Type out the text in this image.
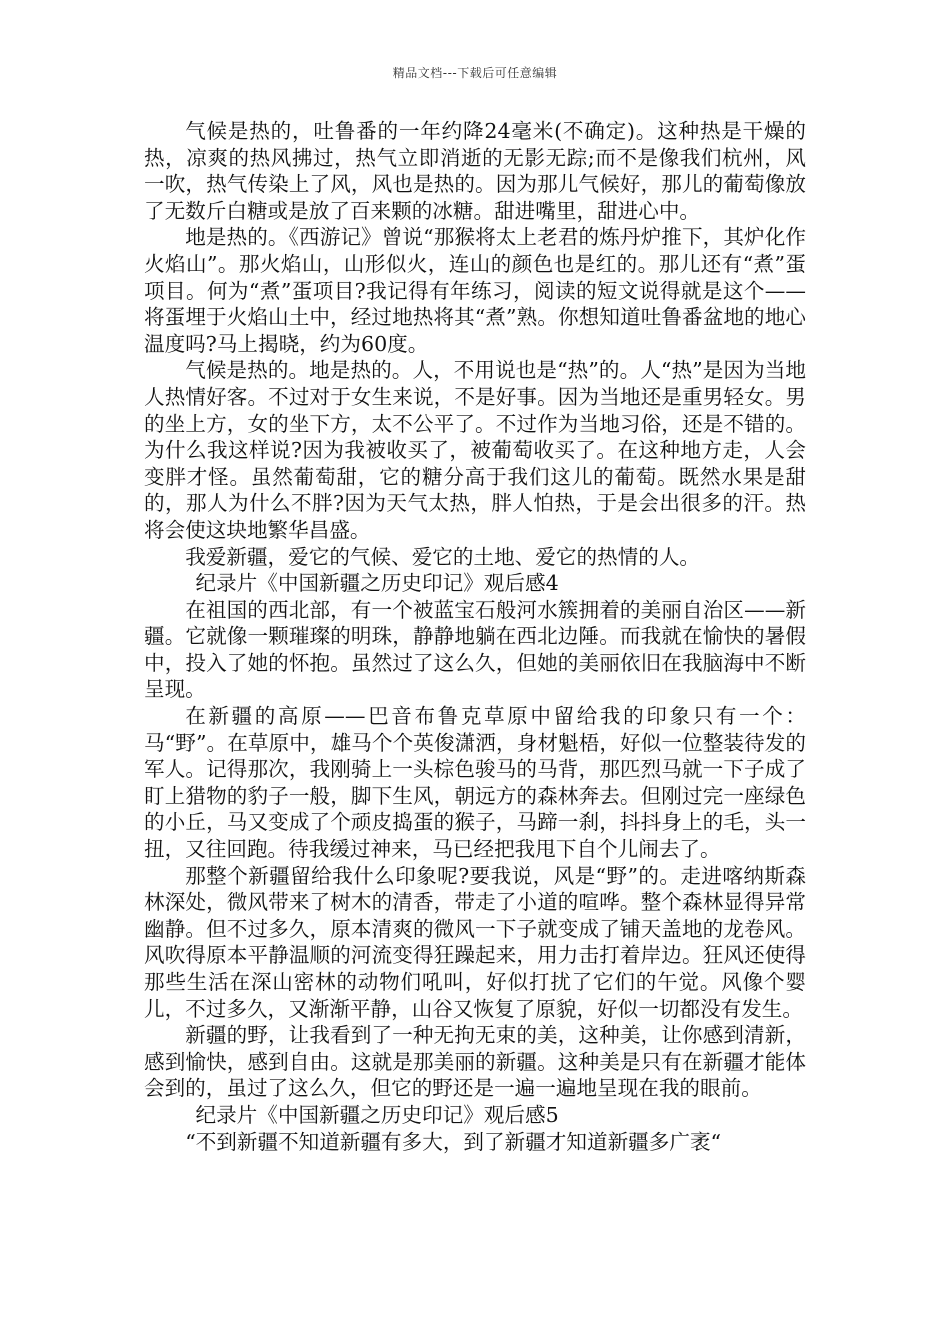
精品文档---下载后可任意编辑

气候是热的，吐鲁番的一年约降24毫米(不确定)。这种热是干燥的热，凉爽的热风拂过，热气立即消逝的无影无踪;而不是像我们杭州，风一吹，热气传染上了风，风也是热的。因为那儿气候好，那儿的葡萄像放了无数斤白糖或是放了百来颗的冰糖。甜进嘴里，甜进心中。

地是热的。《西游记》曾说“那猴将太上老君的炼丹炉推下，其炉化作火焰山”。那火焰山，山形似火，连山的颜色也是红的。那儿还有“煮”蛋项目。何为“煮”蛋项目?我记得有年练习，阅读的短文说得就是这个——将蛋埋于火焰山土中，经过地热将其“煮”熟。你想知道吐鲁番盆地的地心温度吗?马上揭晓，约为60度。

气候是热的。地是热的。人，不用说也是“热”的。人“热”是因为当地人热情好客。不过对于女生来说，不是好事。因为当地还是重男轻女。男的坐上方，女的坐下方，太不公平了。不过作为当地习俗，还是不错的。为什么我这样说?因为我被收买了，被葡萄收买了。在这种地方走，人会变胖才怪。虽然葡萄甜，它的糖分高于我们这儿的葡萄。既然水果是甜的，那人为什么不胖?因为天气太热，胖人怕热，于是会出很多的汗。热将会使这块地繁华昌盛。

我爱新疆，爱它的气候、爱它的土地、爱它的热情的人。

纪录片《中国新疆之历史印记》观后感4

在祖国的西北部，有一个被蓝宝石般河水簇拥着的美丽自治区——新疆。它就像一颗璀璨的明珠，静静地躺在西北边陲。而我就在愉快的暑假中，投入了她的怀抱。虽然过了这么久，但她的美丽依旧在我脑海中不断呈现。

在新疆的高原——巴音布鲁克草原中留给我的印象只有一个：马“野”。在草原中，雄马个个英俊潇洒，身材魁梧，好似一位整装待发的军人。记得那次，我刚骑上一头棕色骏马的马背，那匹烈马就一下子成了盯上猎物的豹子一般，脚下生风，朝远方的森林奔去。但刚过完一座绿色的小丘，马又变成了个顽皮捣蛋的猴子，马蹄一刹，抖抖身上的毛，头一扭，又往回跑。待我缓过神来，马已经把我甩下自个儿闹去了。

那整个新疆留给我什么印象呢?要我说，风是“野”的。走进喀纳斯森林深处，微风带来了树木的清香，带走了小道的喧哗。整个森林显得异常幽静。但不过多久，原本清爽的微风一下子就变成了铺天盖地的龙卷风。风吹得原本平静温顺的河流变得狂躁起来，用力击打着岸边。狂风还使得那些生活在深山密林的动物们吼叫，好似打扰了它们的午觉。风像个婴儿，不过多久，又渐渐平静，山谷又恢复了原貌，好似一切都没有发生。

新疆的野，让我看到了一种无拘无束的美，这种美，让你感到清新，感到愉快，感到自由。这就是那美丽的新疆。这种美是只有在新疆才能体会到的，虽过了这么久，但它的野还是一遍一遍地呈现在我的眼前。

纪录片《中国新疆之历史印记》观后感5

“不到新疆不知道新疆有多大，到了新疆才知道新疆多广袤“
